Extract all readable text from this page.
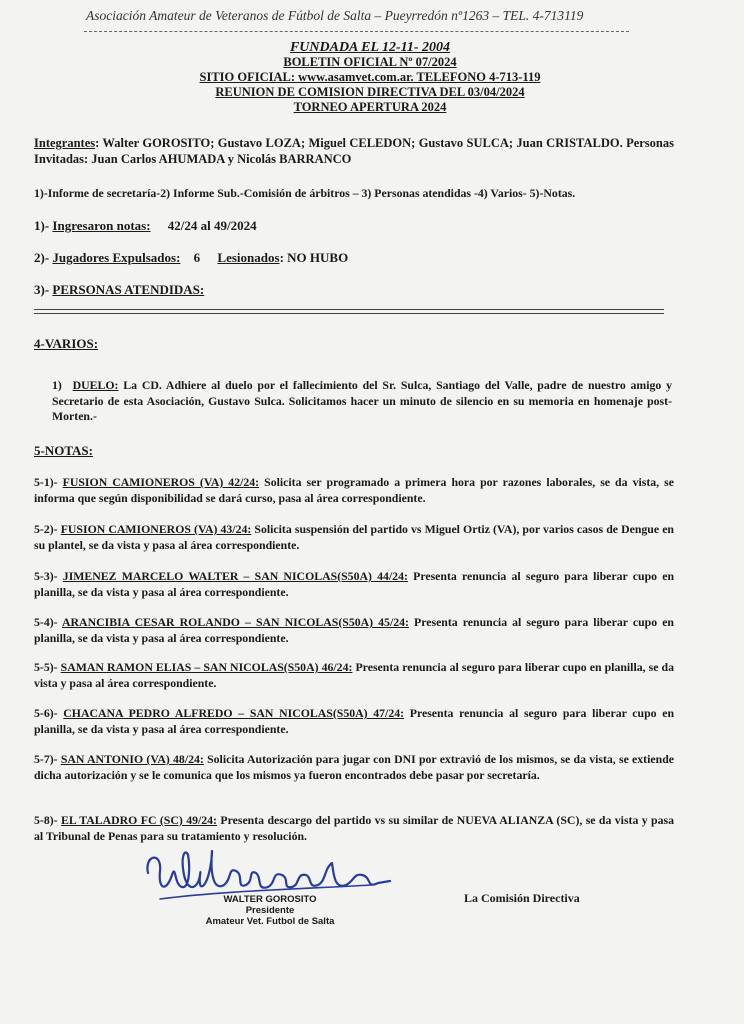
Asociación Amateur de Veteranos de Fútbol de Salta – Pueyrredón nº1263 – TEL. 4-713119
FUNDADA EL 12-11- 2004
BOLETIN OFICIAL Nº 07/2024
SITIO OFICIAL: www.asamvet.com.ar. TELEFONO 4-713-119
REUNION DE COMISION DIRECTIVA DEL 03/04/2024
TORNEO APERTURA 2024
Integrantes: Walter GOROSITO; Gustavo LOZA; Miguel CELEDON; Gustavo SULCA; Juan CRISTALDO. Personas Invitadas: Juan Carlos AHUMADA y Nicolás BARRANCO
1)-Informe de secretaría-2) Informe Sub.-Comisión de árbitros – 3) Personas atendidas -4) Varios- 5)-Notas.
1)- Ingresaron notas: 42/24 al 49/2024
2)- Jugadores Expulsados: 6 Lesionados: NO HUBO
3)- PERSONAS ATENDIDAS:
4-VARIOS:
1) DUELO: La CD. Adhiere al duelo por el fallecimiento del Sr. Sulca, Santiago del Valle, padre de nuestro amigo y Secretario de esta Asociación, Gustavo Sulca. Solicitamos hacer un minuto de silencio en su memoria en homenaje post-Morten.-
5-NOTAS:
5-1)- FUSION CAMIONEROS (VA) 42/24: Solicita ser programado a primera hora por razones laborales, se da vista, se informa que según disponibilidad se dará curso, pasa al área correspondiente.
5-2)- FUSION CAMIONEROS (VA) 43/24: Solicita suspensión del partido vs Miguel Ortiz (VA), por varios casos de Dengue en su plantel, se da vista y pasa al área correspondiente.
5-3)- JIMENEZ MARCELO WALTER – SAN NICOLAS(S50A) 44/24: Presenta renuncia al seguro para liberar cupo en planilla, se da vista y pasa al área correspondiente.
5-4)- ARANCIBIA CESAR ROLANDO – SAN NICOLAS(S50A) 45/24: Presenta renuncia al seguro para liberar cupo en planilla, se da vista y pasa al área correspondiente.
5-5)- SAMAN RAMON ELIAS – SAN NICOLAS(S50A) 46/24: Presenta renuncia al seguro para liberar cupo en planilla, se da vista y pasa al área correspondiente.
5-6)- CHACANA PEDRO ALFREDO – SAN NICOLAS(S50A) 47/24: Presenta renuncia al seguro para liberar cupo en planilla, se da vista y pasa al área correspondiente.
5-7)- SAN ANTONIO (VA) 48/24: Solicita Autorización para jugar con DNI por extravió de los mismos, se da vista, se extiende dicha autorización y se le comunica que los mismos ya fueron encontrados debe pasar por secretaría.
5-8)- EL TALADRO FC (SC) 49/24: Presenta descargo del partido vs su similar de NUEVA ALIANZA (SC), se da vista y pasa al Tribunal de Penas para su tratamiento y resolución.
WALTER GOROSITO
Presidente
Amateur Vet. Futbol de Salta
La Comisión Directiva
